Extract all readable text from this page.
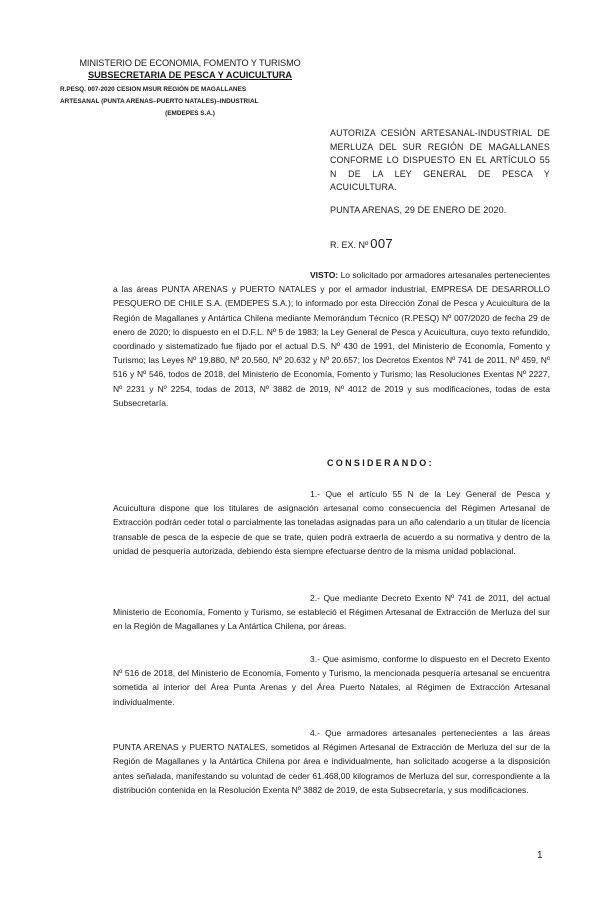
MINISTERIO DE ECONOMIA, FOMENTO Y TURISMO
SUBSECRETARIA DE PESCA Y ACUICULTURA
R.PESQ. 007-2020 CESION MSUR REGIÓN DE MAGALLANES
ARTESANAL (PUNTA ARENAS–PUERTO NATALES)–INDUSTRIAL
(EMDEPES S.A.)
AUTORIZA CESIÓN ARTESANAL-INDUSTRIAL DE MERLUZA DEL SUR REGIÓN DE MAGALLANES CONFORME LO DISPUESTO EN EL ARTÍCULO 55 N DE LA LEY GENERAL DE PESCA Y ACUICULTURA.
PUNTA ARENAS, 29 DE ENERO DE 2020.
R. EX. Nº 007

VISTO: Lo solicitado por armadores artesanales pertenecientes a las áreas PUNTA ARENAS y PUERTO NATALES y por el armador industrial, EMPRESA DE DESARROLLO PESQUERO DE CHILE S.A. (EMDEPES S.A.); lo informado por esta Dirección Zonal de Pesca y Acuicultura de la Región de Magallanes y Antártica Chilena mediante Memorándum Técnico (R.PESQ) Nº 007/2020 de fecha 29 de enero de 2020; lo dispuesto en el D.F.L. Nº 5 de 1983; la Ley General de Pesca y Acuicultura, cuyo texto refundido, coordinado y sistematizado fue fijado por el actual D.S. Nº 430 de 1991, del Ministerio de Economía, Fomento y Turismo; las Leyes Nº 19.880, Nº 20.560, Nº 20.632 y Nº 20.657; los Decretos Exentos Nº 741 de 2011, Nº 459, Nº 516 y Nº 546, todos de 2018, del Ministerio de Economía, Fomento y Turismo; las Resoluciones Exentas Nº 2227, Nº 2231 y Nº 2254, todas de 2013, Nº 3882 de 2019, Nº 4012 de 2019 y sus modificaciones, todas de esta Subsecretaría.

CONSIDERANDO:

1.- Que el artículo 55 N de la Ley General de Pesca y Acuicultura dispone que los titulares de asignación artesanal como consecuencia del Régimen Artesanal de Extracción podrán ceder total o parcialmente las toneladas asignadas para un año calendario a un titular de licencia transable de pesca de la especie de que se trate, quien podrá extraerla de acuerdo a su normativa y dentro de la unidad de pesquería autorizada, debiendo ésta siempre efectuarse dentro de la misma unidad poblacional.

2.- Que mediante Decreto Exento Nº 741 de 2011, del actual Ministerio de Economía, Fomento y Turismo, se estableció el Régimen Artesanal de Extracción de Merluza del sur en la Región de Magallanes y La Antártica Chilena, por áreas.

3.- Que asimismo, conforme lo dispuesto en el Decreto Exento Nº 516 de 2018, del Ministerio de Economía, Fomento y Turismo, la mencionada pesquería artesanal se encuentra sometida al interior del Área Punta Arenas y del Área Puerto Natales, al Régimen de Extracción Artesanal individualmente.

4.- Que armadores artesanales pertenecientes a las áreas PUNTA ARENAS y PUERTO NATALES, sometidos al Régimen Artesanal de Extracción de Merluza del sur de la Región de Magallanes y la Antártica Chilena por área e individualmente, han solicitado acogerse a la disposición antes señalada, manifestando su voluntad de ceder 61.468,00 kilogramos de Merluza del sur, correspondiente a la distribución contenida en la Resolución Exenta Nº 3882 de 2019, de esta Subsecretaría, y sus modificaciones.

1
